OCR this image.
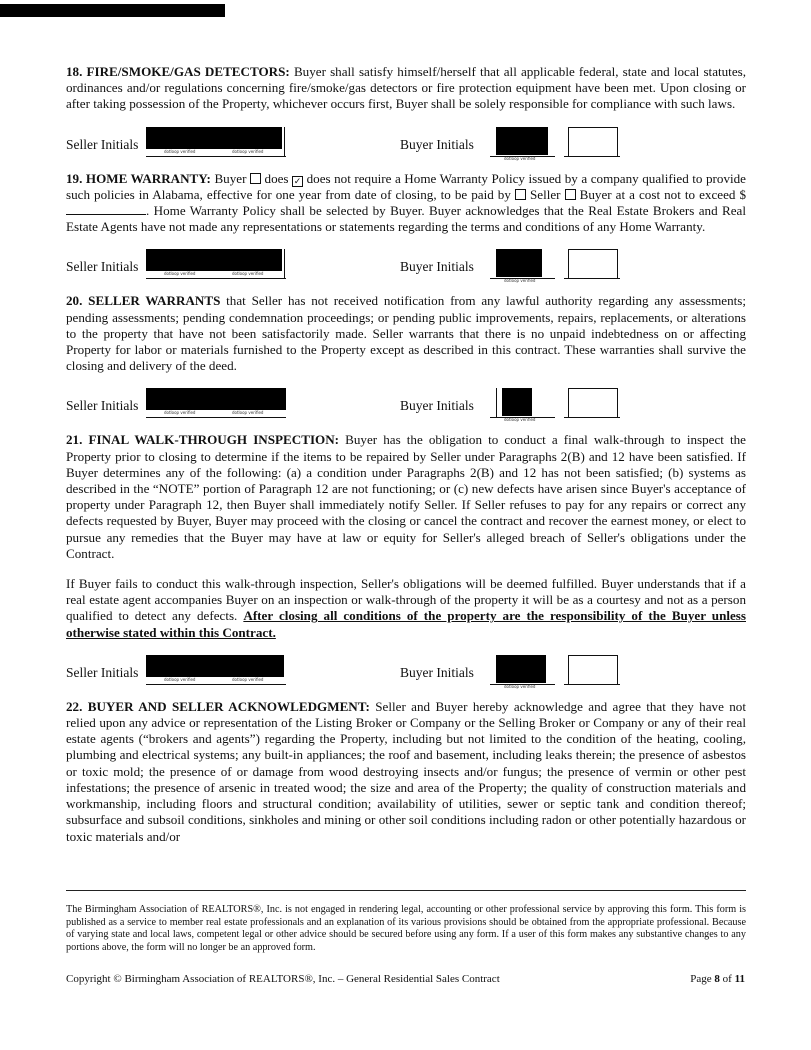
18. FIRE/SMOKE/GAS DETECTORS: Buyer shall satisfy himself/herself that all applicable federal, state and local statutes, ordinances and/or regulations concerning fire/smoke/gas detectors or fire protection equipment have been met. Upon closing or after taking possession of the Property, whichever occurs first, Buyer shall be solely responsible for compliance with such laws.

Seller Initials	dotloop verified	dotloop verified	Buyer Initials
dotloop verified

19. HOME WARRANTY: Buyer does ✓ does not require a Home Warranty Policy issued by a company qualified to provide such policies in Alabama, effective for one year from date of closing, to be paid by Seller Buyer at a cost not to exceed $. Home Warranty Policy shall be selected by Buyer. Buyer acknowledges that the Real Estate Brokers and Real Estate Agents have not made any representations or statements regarding the terms and conditions of any Home Warranty.

Seller Initials	dotloop verified	dotloop verified	Buyer Initials
dotloop verified

20. SELLER WARRANTS that Seller has not received notification from any lawful authority regarding any assessments; pending assessments; pending condemnation proceedings; or pending public improvements, repairs, replacements, or alterations to the property that have not been satisfactorily made. Seller warrants that there is no unpaid indebtedness on or affecting Property for labor or materials furnished to the Property except as described in this contract. These warranties shall survive the closing and delivery of the deed.

Seller Initials	dotloop verified	dotloop verified	Buyer Initials
dotloop verified

21. FINAL WALK-THROUGH INSPECTION: Buyer has the obligation to conduct a final walk-through to inspect the Property prior to closing to determine if the items to be repaired by Seller under Paragraphs 2(B) and 12 have been satisfied. If Buyer determines any of the following: (a) a condition under Paragraphs 2(B) and 12 has not been satisfied; (b) systems as described in the “NOTE” portion of Paragraph 12 are not functioning; or (c) new defects have arisen since Buyer's acceptance of property under Paragraph 12, then Buyer shall immediately notify Seller. If Seller refuses to pay for any repairs or correct any defects requested by Buyer, Buyer may proceed with the closing or cancel the contract and recover the earnest money, or elect to pursue any remedies that the Buyer may have at law or equity for Seller's alleged breach of Seller's obligations under the Contract.

If Buyer fails to conduct this walk-through inspection, Seller's obligations will be deemed fulfilled. Buyer understands that if a real estate agent accompanies Buyer on an inspection or walk-through of the property it will be as a courtesy and not as a person qualified to detect any defects. After closing all conditions of the property are the responsibility of the Buyer unless otherwise stated within this Contract.

Seller Initials	dotloop verified	dotloop verified	Buyer Initials
dotloop verified

22. BUYER AND SELLER ACKNOWLEDGMENT: Seller and Buyer hereby acknowledge and agree that they have not relied upon any advice or representation of the Listing Broker or Company or the Selling Broker or Company or any of their real estate agents (“brokers and agents”) regarding the Property, including but not limited to the condition of the heating, cooling, plumbing and electrical systems; any built-in appliances; the roof and basement, including leaks therein; the presence of asbestos or toxic mold; the presence of or damage from wood destroying insects and/or fungus; the presence of vermin or other pest infestations; the presence of arsenic in treated wood; the size and area of the Property; the quality of construction materials and workmanship, including floors and structural condition; availability of utilities, sewer or septic tank and condition thereof; subsurface and subsoil conditions, sinkholes and mining or other soil conditions including radon or other potentially hazardous or toxic materials and/or

The Birmingham Association of REALTORS®, Inc. is not engaged in rendering legal, accounting or other professional service by approving this form. This form is published as a service to member real estate professionals and an explanation of its various provisions should be obtained from the appropriate professional. Because of varying state and local laws, competent legal or other advice should be secured before using any form. If a user of this form makes any substantive changes to any portions above, the form will no longer be an approved form.

Copyright © Birmingham Association of REALTORS®, Inc. – General Residential Sales Contract	Page 8 of 11
